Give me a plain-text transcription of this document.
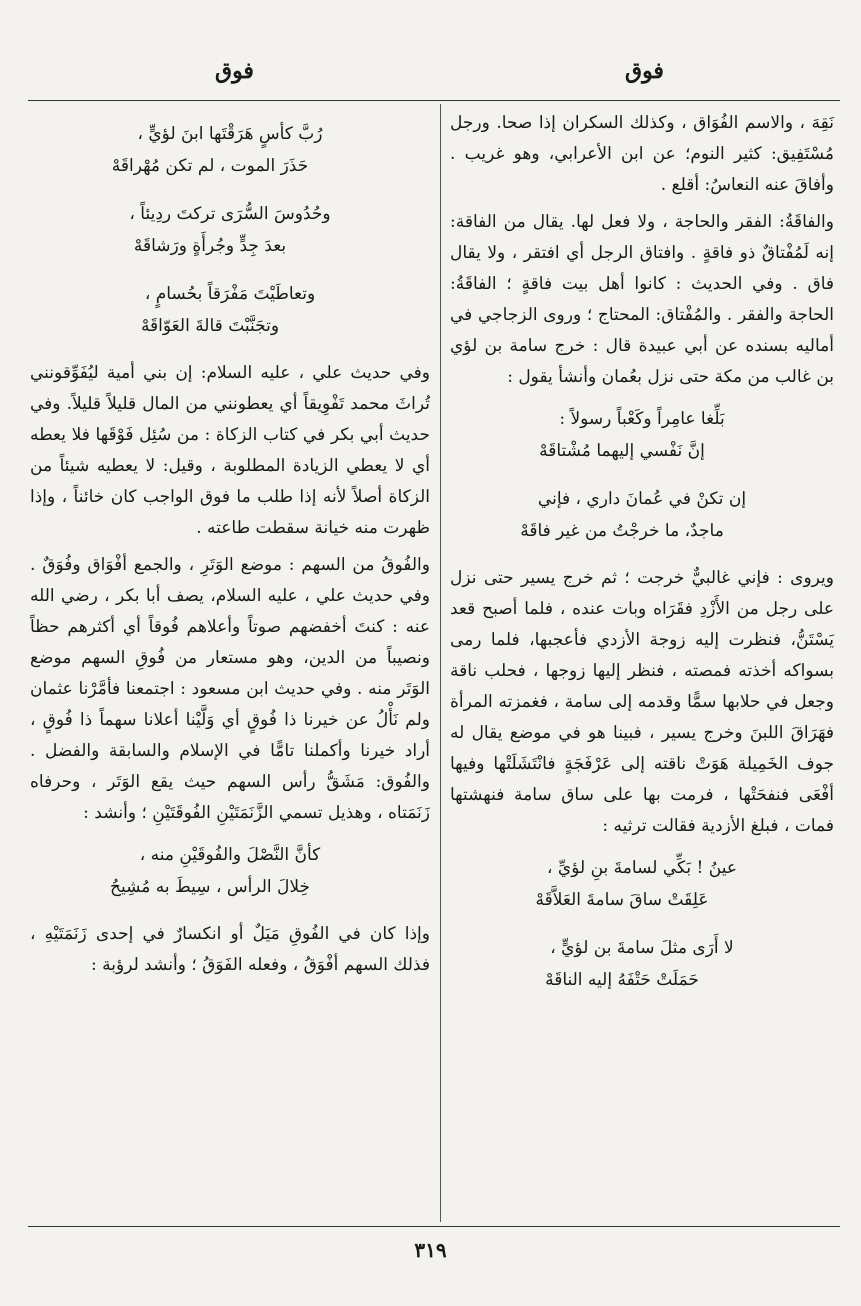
فوق
فوق

نَقِهَ ، والاسم الفُوَاق ، وكذلك السكران إذا صحا. ورجل مُسْتَفِيق: كثير النوم؛ عن ابن الأعرابي، وهو غريب . وأفاقَ عنه النعاسُ: أقلع .

والفاقَةُ: الفقر والحاجة ، ولا فعل لها. يقال من الفاقة: إنه لَمُفْتاقٌ ذو فاقةٍ . وافتاق الرجل أي افتقر ، ولا يقال فاق . وفي الحديث : كانوا أهل بيت فاقةٍ ؛ الفاقَةُ: الحاجة والفقر . والمُفْتاق: المحتاج ؛ وروى الزجاجي في أماليه بسنده عن أبي عبيدة قال : خرج سامة بن لؤي بن غالب من مكة حتى نزل بعُمان وأنشأ يقول :

بَلِّغا عامِراً وكَعْباً رسولاً :
إنَّ نَفْسي إليهما مُشْتاقَهْ
إن تكنْ في عُمانَ داري ، فإني
ماجدٌ، ما خرجْتُ من غير فاقَهْ

ويروى : فإني غالبيٌّ خرجت ؛ ثم خرج يسير حتى نزل على رجل من الأَزْدِ فقَرَاه وبات عنده ، فلما أصبح قعد يَسْتَنُّ، فنظرت إليه زوجة الأزدي فأعجبها، فلما رمى بسواكه أخذته فمصته ، فنظر إليها زوجها ، فحلب ناقة وجعل في حلابها سمًّا وقدمه إلى سامة ، فغمزته المرأة فهَرَاقَ اللبنَ وخرج يسير ، فبينا هو في موضع يقال له جوف الخَمِيلة هَوَتْ ناقته إلى عَرْفَجَةٍ فانْتَشَلَتْها وفيها أفْعَى فنفحَتْها ، فرمت بها على ساق سامة فنهشتها فمات ، فبلغ الأزدية فقالت ترثيه :

عينُ ! بَكِّي لسامةَ بنِ لؤيِّ ،
عَلِقَتْ ساقَ سامةَ العَلاَّقَهْ
لا أَرَى مثلَ سامةَ بن لؤيٍّ ،
حَمَلَتْ حَتْفَهُ إليه الناقَهْ
رُبَّ كأسٍ هَرَقْتَها ابنَ لؤيٍّ ،
حَذَرَ الموت ، لم تكن مُهْراقَهْ
وحُدُوسَ السُّرَى تركتَ ردِيئاً ،
بعدَ جِدٍّ وجُرأَةٍ ورَشاقَهْ
وتعاطَيْتَ مَفْرَقاً بحُسامٍ ،
وتجَنَّبْتَ قالةَ العَوّاقَهْ

وفي حديث علي ، عليه السلام: إن بني أمية ليُفَوِّقونني تُراثَ محمد تَفْوِيقاً أي يعطونني من المال قليلاً قليلاً. وفي حديث أبي بكر في كتاب الزكاة : من سُئِل فَوْقَها فلا يعطه أي لا يعطي الزيادة المطلوبة ، وقيل: لا يعطيه شيئاً من الزكاة أصلاً لأنه إذا طلب ما فوق الواجب كان خائناً ، وإذا ظهرت منه خيانة سقطت طاعته .

والفُوقُ من السهم : موضع الوَتَرِ ، والجمع أفْوَاق وفُوَقٌ . وفي حديث علي ، عليه السلام، يصف أبا بكر ، رضي الله عنه : كنتَ أخفضهم صوتاً وأعلاهم فُوقاً أي أكثرهم حظاً ونصيباً من الدين، وهو مستعار من فُوقِ السهم موضع الوَتَر منه . وفي حديث ابن مسعود : اجتمعنا فأمَّرْنا عثمان ولم نَأْلُ عن خيرنا ذا فُوقٍ أي وَلَّيْنا أعلانا سهماً ذا فُوقٍ ، أراد خيرنا وأكملنا تامًّا في الإسلام والسابقة والفضل . والفُوق: مَشَقُّ رأس السهم حيث يقع الوَتَر ، وحرفاه زَنَمَتاه ، وهذيل تسمي الزَّنَمَتَيْنِ الفُوقَتَيْنِ ؛ وأنشد :

كأنَّ النَّصْلَ والفُوقَيْنِ منه ،
خِلالَ الرأس ، سِيطَ به مُشِيحُ

وإذا كان في الفُوقِ مَيَلٌ أو انكسارٌ في إحدى زَنَمَتَيْهِ ، فذلك السهم أفْوَقُ ، وفعله الفَوَقُ ؛ وأنشد لرؤبة :

٣١٩
